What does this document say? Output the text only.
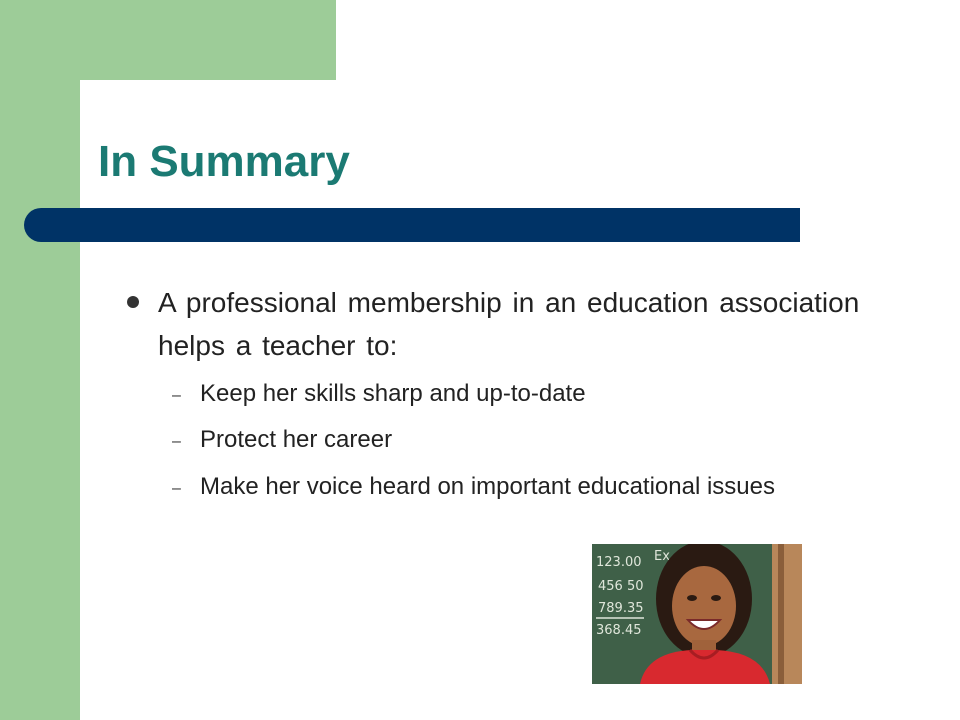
In Summary

A professional membership in an education association helps a teacher to:

– Keep her skills sharp and up-to-date

– Protect her career

– Make her voice heard on important educational issues

123.00
456 50
789.35
368.45
Ex
